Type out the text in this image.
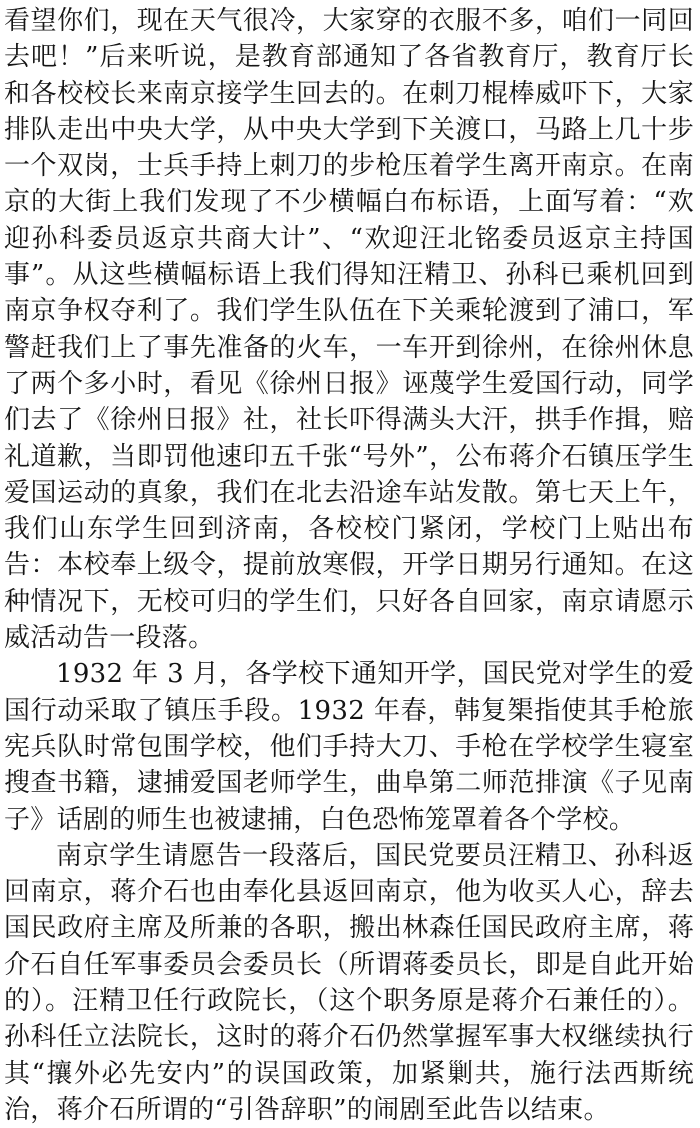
看望你们，现在天气很冷，大家穿的衣服不多，咱们一同回去吧！”后来听说，是教育部通知了各省教育厅，教育厅长和各校校长来南京接学生回去的。在刺刀棍棒威吓下，大家排队走出中央大学，从中央大学到下关渡口，马路上几十步一个双岗，士兵手持上刺刀的步枪压着学生离开南京。在南京的大街上我们发现了不少横幅白布标语，上面写着：“欢迎孙科委员返京共商大计”、“欢迎汪北铭委员返京主持国事”。从这些横幅标语上我们得知汪精卫、孙科已乘机回到南京争权夺利了。我们学生队伍在下关乘轮渡到了浦口，军警赶我们上了事先准备的火车，一车开到徐州，在徐州休息了两个多小时，看见《徐州日报》诬蔑学生爱国行动，同学们去了《徐州日报》社，社长吓得满头大汗，拱手作揖，赔礼道歉，当即罚他速印五千张“号外”，公布蒋介石镇压学生爱国运动的真象，我们在北去沿途车站发散。第七天上午，我们山东学生回到济南，各校校门紧闭，学校门上贴出布告：本校奉上级令，提前放寒假，开学日期另行通知。在这种情况下，无校可归的学生们，只好各自回家，南京请愿示威活动告一段落。

1932 年 3 月，各学校下通知开学，国民党对学生的爱国行动采取了镇压手段。1932 年春，韩复榘指使其手枪旅宪兵队时常包围学校，他们手持大刀、手枪在学校学生寝室搜查书籍，逮捕爱国老师学生，曲阜第二师范排演《子见南子》话剧的师生也被逮捕，白色恐怖笼罩着各个学校。

南京学生请愿告一段落后，国民党要员汪精卫、孙科返回南京，蒋介石也由奉化县返回南京，他为收买人心，辞去国民政府主席及所兼的各职，搬出林森任国民政府主席，蒋介石自任军事委员会委员长（所谓蒋委员长，即是自此开始的）。汪精卫任行政院长，（这个职务原是蒋介石兼任的）。孙科任立法院长，这时的蒋介石仍然掌握军事大权继续执行其“攘外必先安内”的误国政策，加紧剿共，施行法西斯统治，蒋介石所谓的“引咎辞职”的闹剧至此告以结束。
